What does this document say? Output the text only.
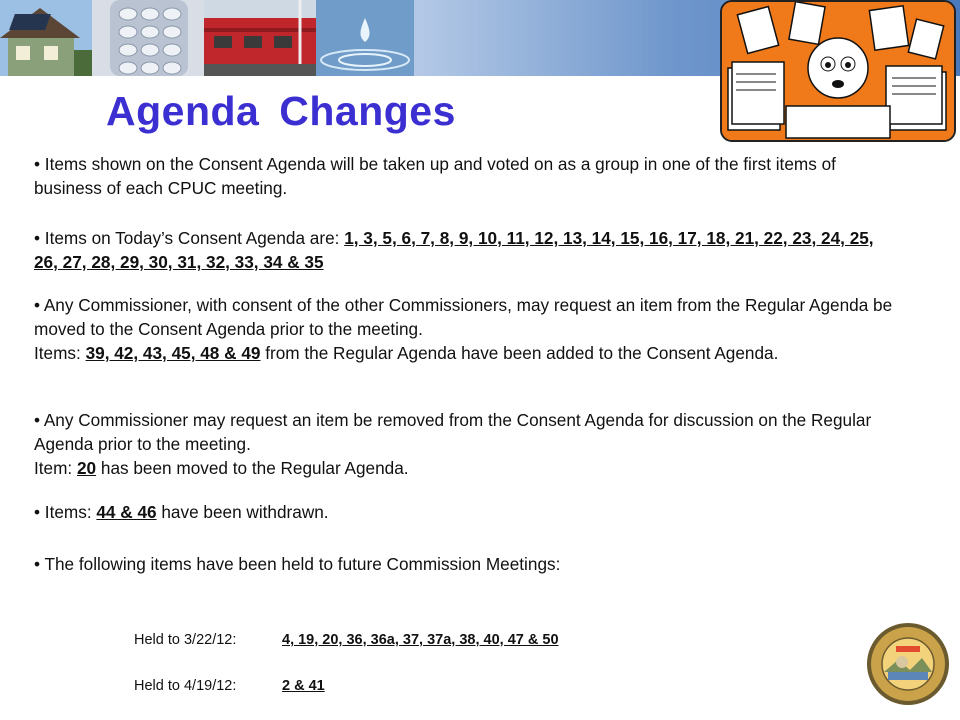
Agenda Changes
• Items shown on the Consent Agenda will be taken up and voted on as a group in one of the first items of business of each CPUC meeting.
• Items on Today’s Consent Agenda are: 1, 3, 5, 6, 7, 8, 9, 10, 11, 12, 13, 14, 15, 16, 17, 18, 21, 22, 23, 24, 25, 26, 27, 28, 29, 30, 31, 32, 33, 34 & 35
• Any Commissioner, with consent of the other Commissioners, may request an item from the Regular Agenda be moved to the Consent Agenda prior to the meeting.
Items: 39, 42, 43, 45, 48 & 49 from the Regular Agenda have been added to the Consent Agenda.
• Any Commissioner may request an item be removed from the Consent Agenda for discussion on the Regular Agenda prior to the meeting.
Item: 20 has been moved to the Regular Agenda.
• Items: 44 & 46 have been withdrawn.
• The following items have been held to future Commission Meetings:
Held to 3/22/12:	4, 19, 20, 36, 36a, 37, 37a, 38, 40, 47 & 50
Held to 4/19/12:	2 & 41
